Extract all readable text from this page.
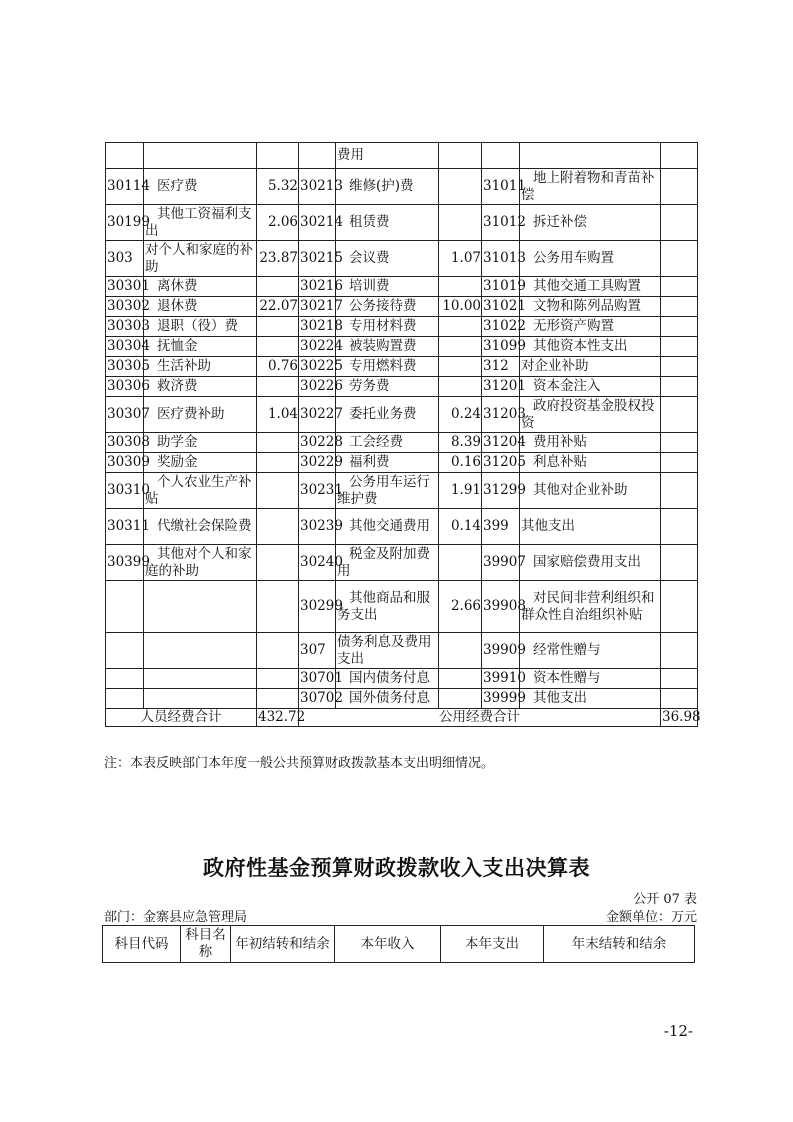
				费用				
30114	医疗费	5.32	30213	维修(护)费		31011	地上附着物和青苗补偿	
30199	其他工资福利支出	2.06	30214	租赁费		31012	拆迁补偿	
303	对个人和家庭的补助	23.87	30215	会议费	1.07	31013	公务用车购置	
30301	离休费		30216	培训费		31019	其他交通工具购置	
30302	退休费	22.07	30217	公务接待费	10.00	31021	文物和陈列品购置	
30303	退职（役）费		30218	专用材料费		31022	无形资产购置	
30304	抚恤金		30224	被装购置费		31099	其他资本性支出	
30305	生活补助	0.76	30225	专用燃料费		312	对企业补助	
30306	救济费		30226	劳务费		31201	资本金注入	
30307	医疗费补助	1.04	30227	委托业务费	0.24	31203	政府投资基金股权投资	
30308	助学金		30228	工会经费	8.39	31204	费用补贴	
30309	奖励金		30229	福利费	0.16	31205	利息补贴	
30310	个人农业生产补贴		30231	公务用车运行维护费	1.91	31299	其他对企业补助	
30311	代缴社会保险费		30239	其他交通费用	0.14	399	其他支出	
30399	其他对个人和家庭的补助		30240	税金及附加费用		39907	国家赔偿费用支出	
			30299	其他商品和服务支出	2.66	39908	对民间非营利组织和群众性自治组织补贴	
			307	债务利息及费用支出		39909	经常性赠与	
			30701	国内债务付息		39910	资本性赠与	
			30702	国外债务付息		39999	其他支出	
人员经费合计		432.72	公用经费合计					36.98
注：本表反映部门本年度一般公共预算财政拨款基本支出明细情况。
政府性基金预算财政拨款收入支出决算表
公开 07 表
部门：金寨县应急管理局	金额单位：万元
科目代码	科目名称	年初结转和结余	本年收入	本年支出	年末结转和结余
-12-
